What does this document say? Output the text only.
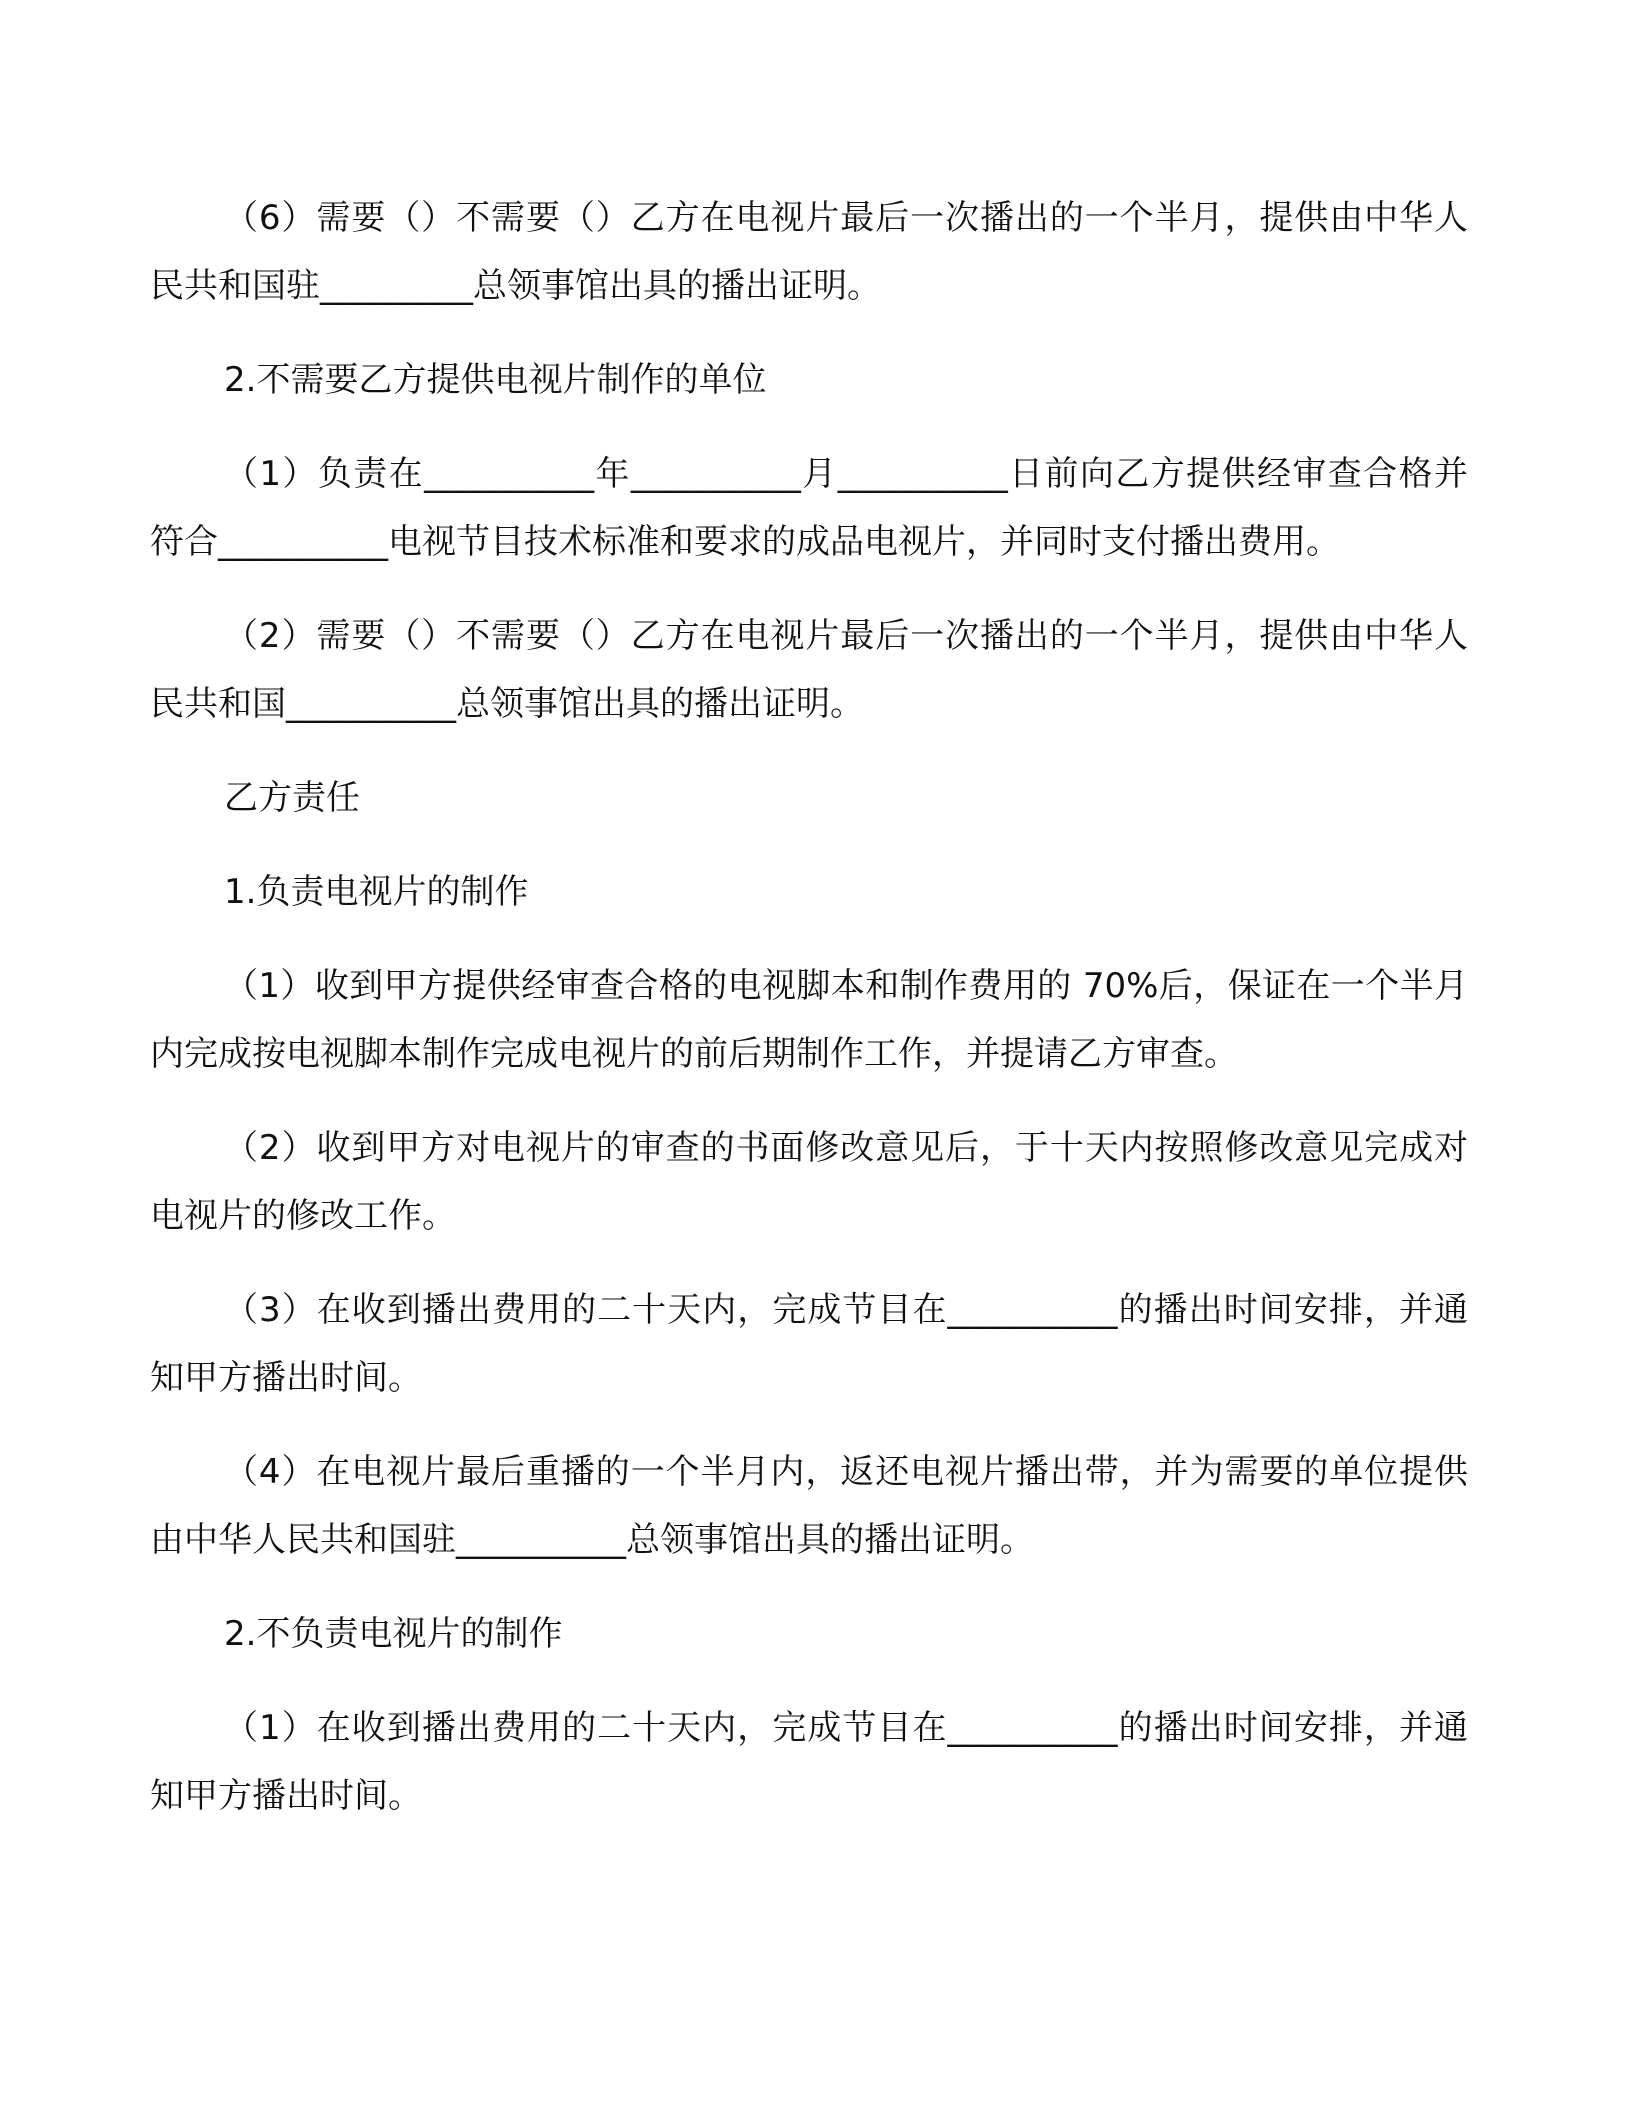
（6）需要（）不需要（）乙方在电视片最后一次播出的一个半月，提供由中华人民共和国驻_________总领事馆出具的播出证明。

2.不需要乙方提供电视片制作的单位

（1）负责在__________年__________月__________日前向乙方提供经审查合格并符合__________电视节目技术标准和要求的成品电视片，并同时支付播出费用。

（2）需要（）不需要（）乙方在电视片最后一次播出的一个半月，提供由中华人民共和国__________总领事馆出具的播出证明。

乙方责任

1.负责电视片的制作

（1）收到甲方提供经审查合格的电视脚本和制作费用的 70%后，保证在一个半月内完成按电视脚本制作完成电视片的前后期制作工作，并提请乙方审查。

（2）收到甲方对电视片的审查的书面修改意见后，于十天内按照修改意见完成对电视片的修改工作。

（3）在收到播出费用的二十天内，完成节目在__________的播出时间安排，并通知甲方播出时间。

（4）在电视片最后重播的一个半月内，返还电视片播出带，并为需要的单位提供由中华人民共和国驻__________总领事馆出具的播出证明。

2.不负责电视片的制作

（1）在收到播出费用的二十天内，完成节目在__________的播出时间安排，并通知甲方播出时间。
